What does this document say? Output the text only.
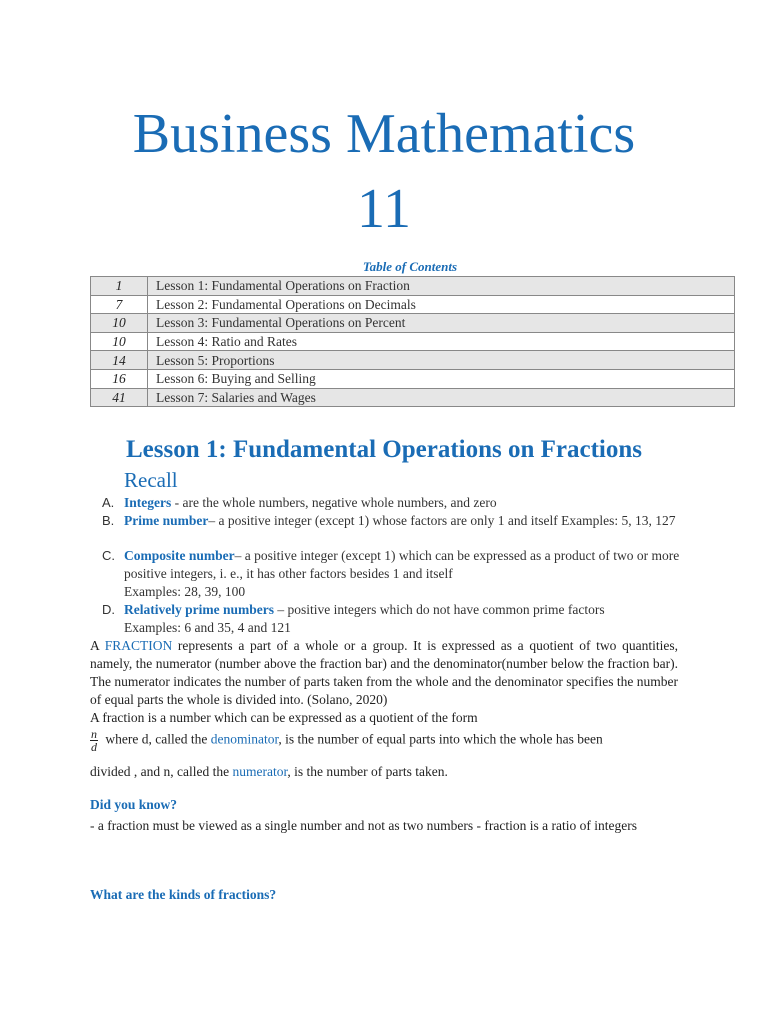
Business Mathematics
11
Table of Contents
1	Lesson 1: Fundamental Operations on Fraction
7	Lesson 2: Fundamental Operations on Decimals
10	Lesson 3: Fundamental Operations on Percent
10	Lesson 4: Ratio and Rates
14	Lesson 5: Proportions
16	Lesson 6: Buying and Selling
41	Lesson 7: Salaries and Wages
Lesson 1: Fundamental Operations on Fractions
Recall
A. Integers - are the whole numbers, negative whole numbers, and zero
B. Prime number– a positive integer (except 1) whose factors are only 1 and itself Examples: 5, 13, 127
C. Composite number– a positive integer (except 1) which can be expressed as a product of two or more positive integers, i. e., it has other factors besides 1 and itself
Examples: 28, 39, 100
D. Relatively prime numbers – positive integers which do not have common prime factors
Examples: 6 and 35, 4 and 121
A FRACTION represents a part of a whole or a group. It is expressed as a quotient of two quantities, namely, the numerator (number above the fraction bar) and the denominator(number below the fraction bar). The numerator indicates the number of parts taken from the whole and the denominator specifies the number of equal parts the whole is divided into. (Solano, 2020)
A fraction is a number which can be expressed as a quotient of the form
$\frac{n}{d}$ where d, called the denominator, is the number of equal parts into which the whole has been
divided , and n, called the numerator, is the number of parts taken.
Did you know?
- a fraction must be viewed as a single number and not as two numbers - fraction is a ratio of integers
What are the kinds of fractions?
